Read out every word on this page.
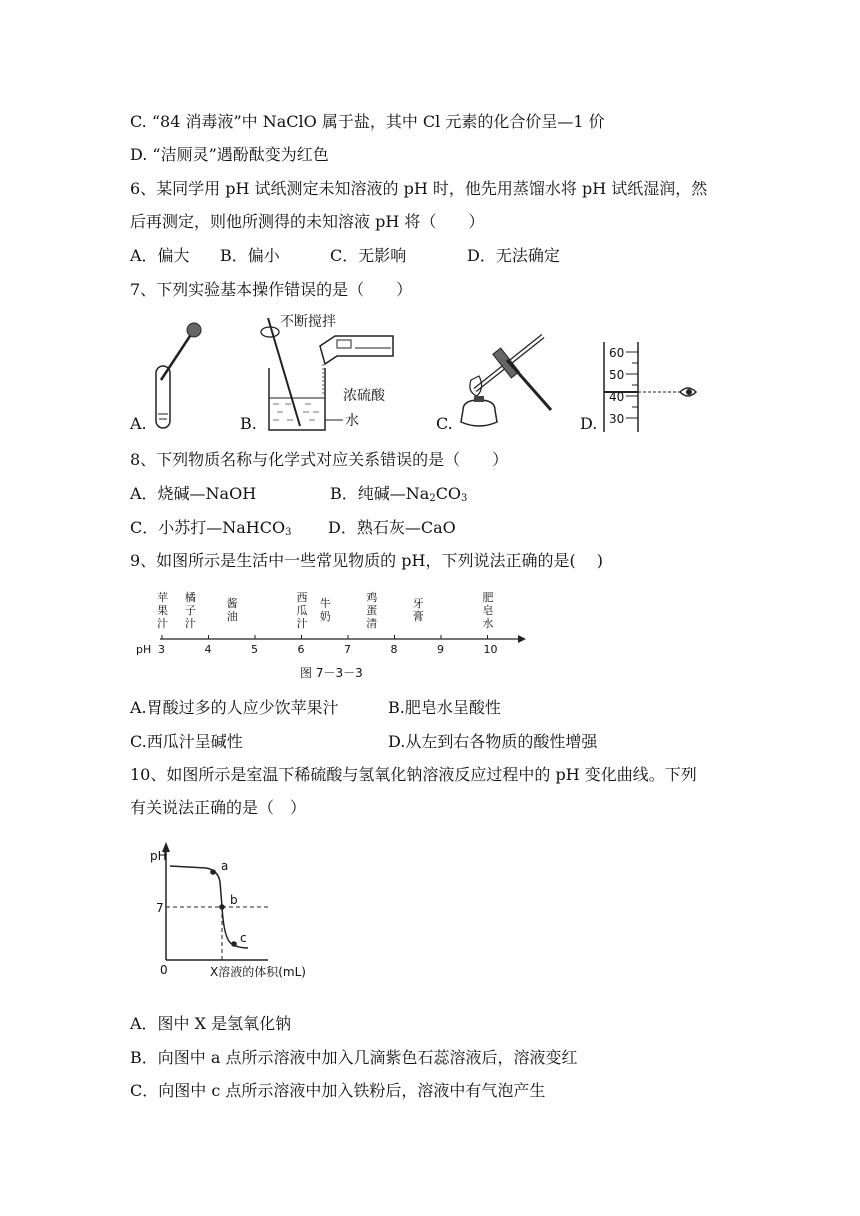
C. “84 消毒液”中 NaClO 属于盐，其中 Cl 元素的化合价呈—1 价
D. “洁厕灵”遇酚酞变为红色
6、某同学用 pH 试纸测定未知溶液的 pH 时，他先用蒸馏水将 pH 试纸湿润，然
后再测定，则他所测得的未知溶液 pH 将（　　）
A．偏大 B．偏小	C．无影响	D．无法确定
7、下列实验基本操作错误的是（　　）
A.
不断搅拌
浓硫酸
水
B.	C.
60
50
40
30
D.
8、下列物质名称与化学式对应关系错误的是（　　）
A．烧碱—NaOH	B．纯碱$—Na_2CO_3$
C．小苏打—NaHCO$_3$ D．熟石灰—CaO
9、如图所示是生活中一些常见物质的 pH，下列说法正确的是(　 )
pH 3	4	5	6	7	8	9	10
苹
果
汁
橘
子
汁
酱
油
西
瓜
汁
牛
奶
鸡
蛋
清
牙
膏
肥
皂
水
图 7－3－3
A.胃酸过多的人应少饮苹果汁	B.肥皂水呈酸性
C.西瓜汁呈碱性	D.从左到右各物质的酸性增强
10、如图所示是室温下稀硫酸与氢氧化钠溶液反应过程中的 pH 变化曲线。下列
有关说法正确的是（　）
pH
7
0	X溶液的体积(mL)
a
b
c
A．图中 X 是氢氧化钠
B．向图中 a 点所示溶液中加入几滴紫色石蕊溶液后，溶液变红
C．向图中 c 点所示溶液中加入铁粉后，溶液中有气泡产生
